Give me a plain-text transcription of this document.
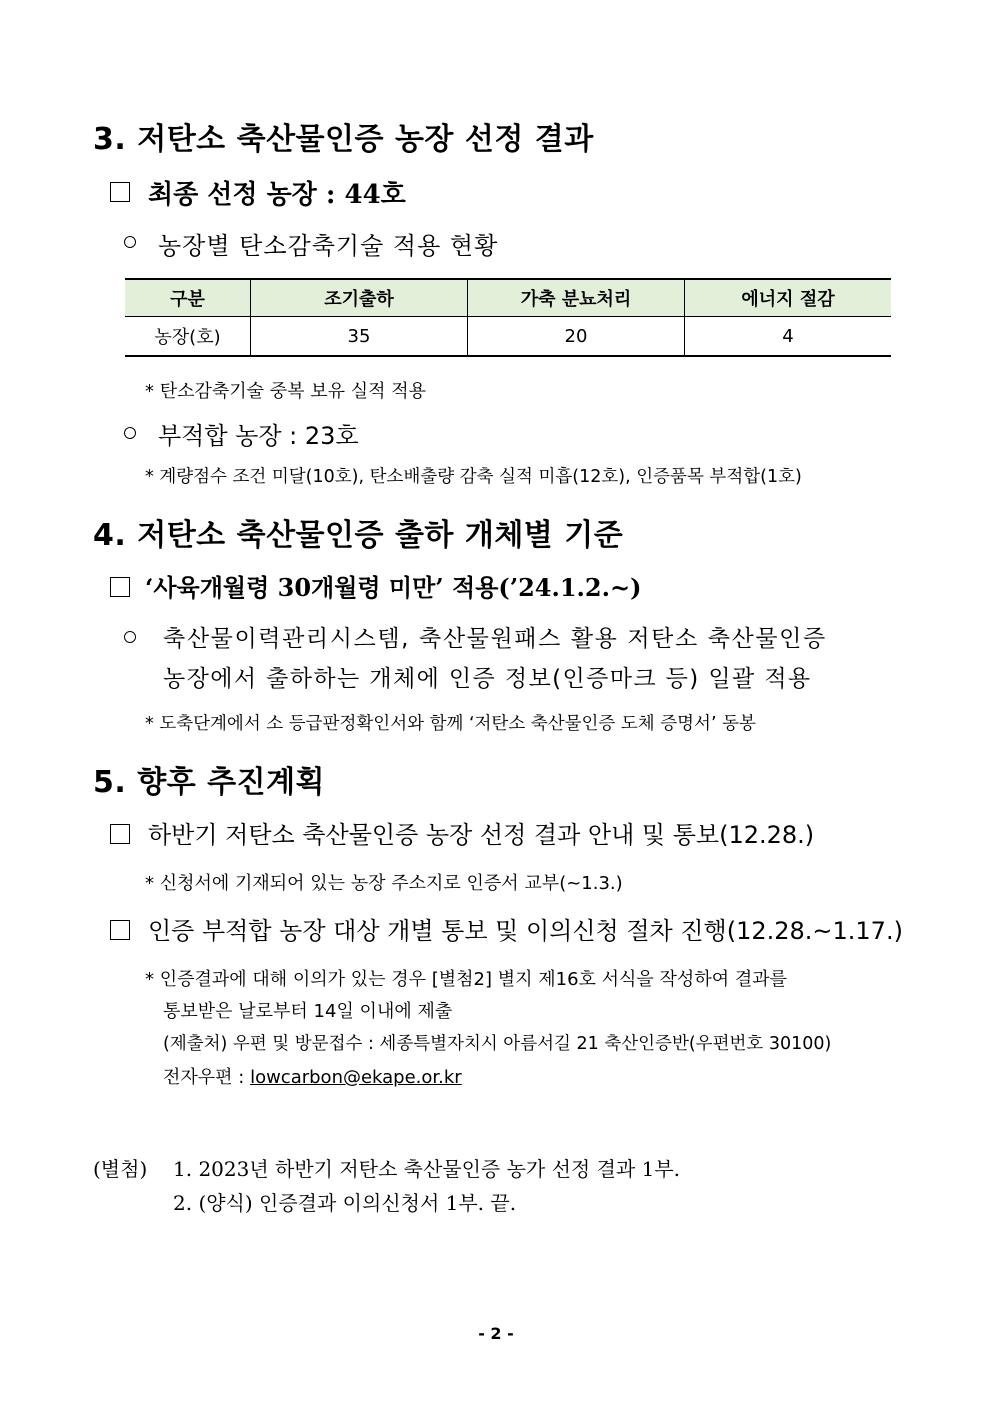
3. 저탄소 축산물인증 농장 선정 결과
최종 선정 농장 : 44호
농장별 탄소감축기술 적용 현황
구분	조기출하	가축 분뇨처리	에너지 절감
농장(호)	35	20	4
* 탄소감축기술 중복 보유 실적 적용
부적합 농장 : 23호
* 계량점수 조건 미달(10호), 탄소배출량 감축 실적 미흡(12호), 인증품목 부적합(1호)
4. 저탄소 축산물인증 출하 개체별 기준
‘사육개월령 30개월령 미만’ 적용(’24.1.2.~)
축산물이력관리시스템, 축산물원패스 활용 저탄소 축산물인증
농장에서 출하하는 개체에 인증 정보(인증마크 등) 일괄 적용
* 도축단계에서 소 등급판정확인서와 함께 ‘저탄소 축산물인증 도체 증명서’ 동봉
5. 향후 추진계획
하반기 저탄소 축산물인증 농장 선정 결과 안내 및 통보(12.28.)
* 신청서에 기재되어 있는 농장 주소지로 인증서 교부(~1.3.)
인증 부적합 농장 대상 개별 통보 및 이의신청 절차 진행(12.28.~1.17.)
* 인증결과에 대해 이의가 있는 경우 [별첨2] 별지 제16호 서식을 작성하여 결과를
통보받은 날로부터 14일 이내에 제출
(제출처) 우편 및 방문접수 : 세종특별자치시 아름서길 21 축산인증반(우편번호 30100)
전자우편 : lowcarbon@ekape.or.kr
(별첨) 1. 2023년 하반기 저탄소 축산물인증 농가 선정 결과 1부.
2. (양식) 인증결과 이의신청서 1부. 끝.
- 2 -
